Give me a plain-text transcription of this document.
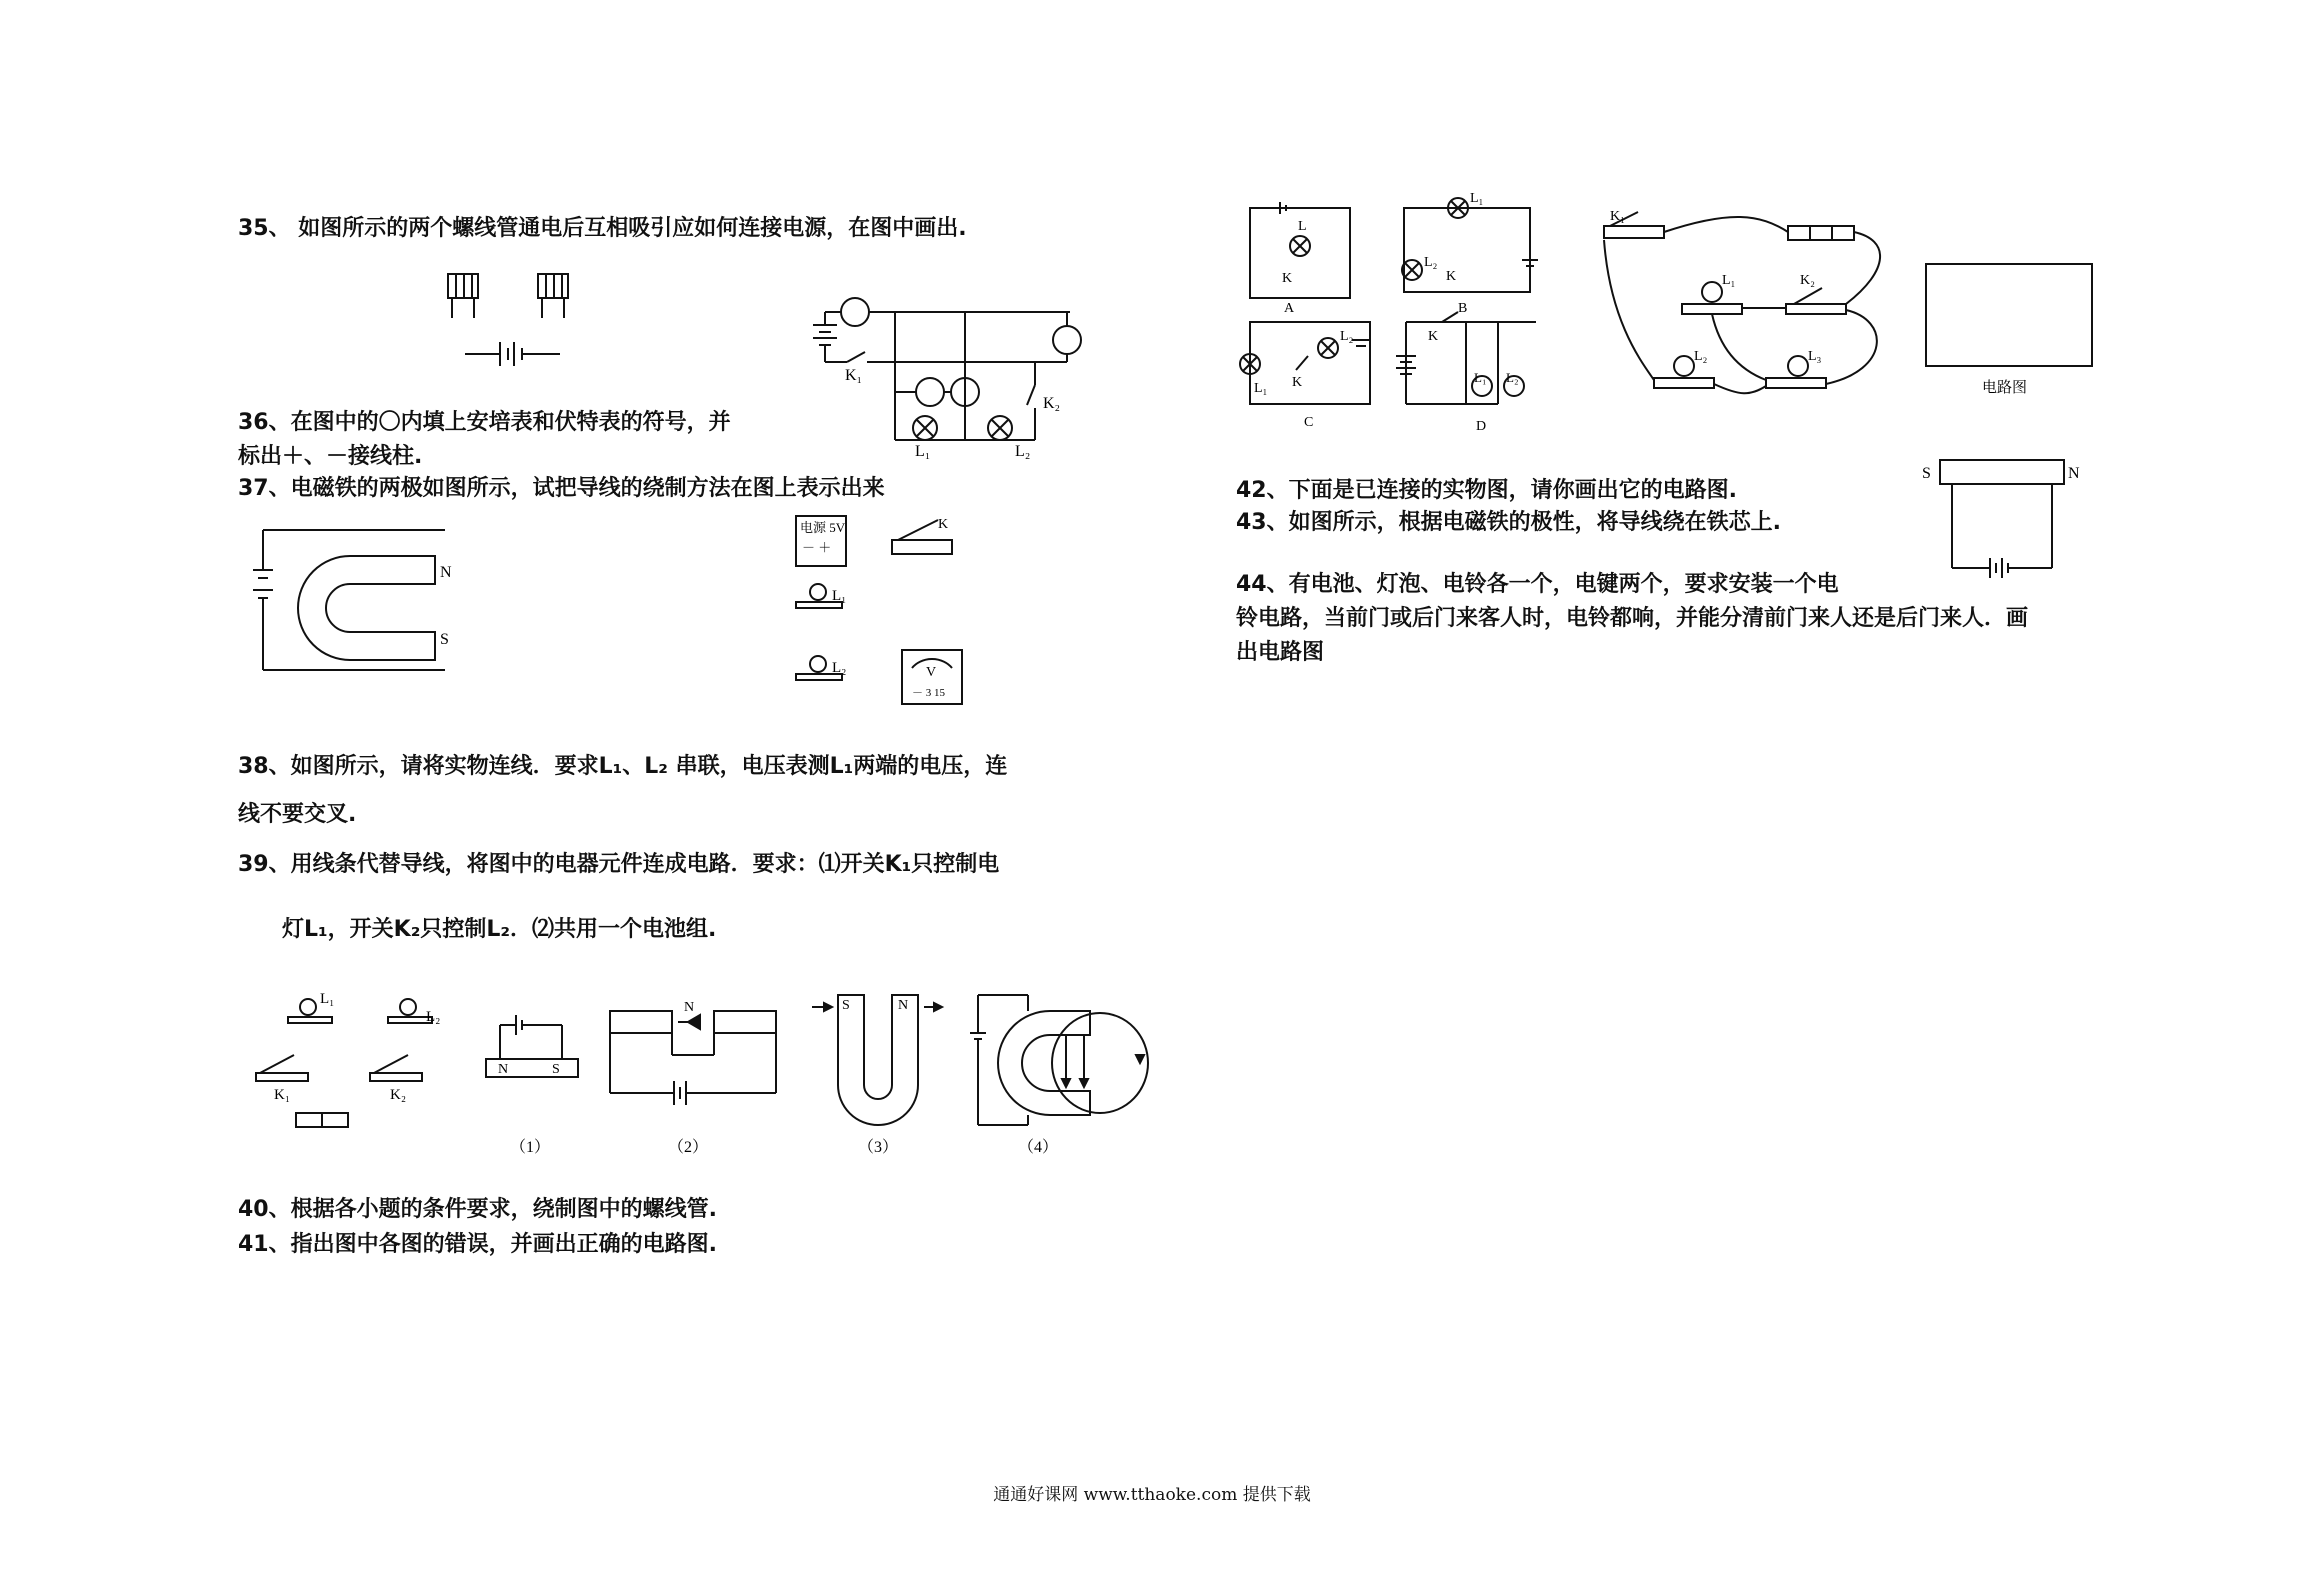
35、 如图所示的两个螺线管通电后互相吸引应如何连接电源，在图中画出.
36、在图中的〇内填上安培表和伏特表的符号，并
标出＋、－接线柱.
37、电磁铁的两极如图所示，试把导线的绕制方法在图上表示出来
38、如图所示，请将实物连线．要求L₁、L₂ 串联，电压表测L₁两端的电压，连
线不要交叉.
39、用线条代替导线，将图中的电器元件连成电路．要求：⑴开关K₁只控制电
灯L₁，开关K₂只控制L₂．⑵共用一个电池组.
40、根据各小题的条件要求，绕制图中的螺线管.
41、指出图中各图的错误，并画出正确的电路图.
42、下面是已连接的实物图，请你画出它的电路图.
43、如图所示，根据电磁铁的极性，将导线绕在铁芯上.
44、有电池、灯泡、电铃各一个，电键两个，要求安装一个电
铃电路，当前门或后门来客人时，电铃都响，并能分清前门来人还是后门来人．画
出电路图
K₁
L₁	L₂
K₂
N
S
电源 5V
－ ＋
K
L₁
L₂	V
－ 3 15
L₁
L₂
K₁	K₂
N	S
N	S	N
（1）	（2）	（3）	（4）
L
K
A
L₁
L₂
K
B
L₁
L₂
K
C
K
L₁ L₂
D
电路图
K₁
L₁	K₂
L₂	L₃
S	N
通通好课网 www.tthaoke.com 提供下载
